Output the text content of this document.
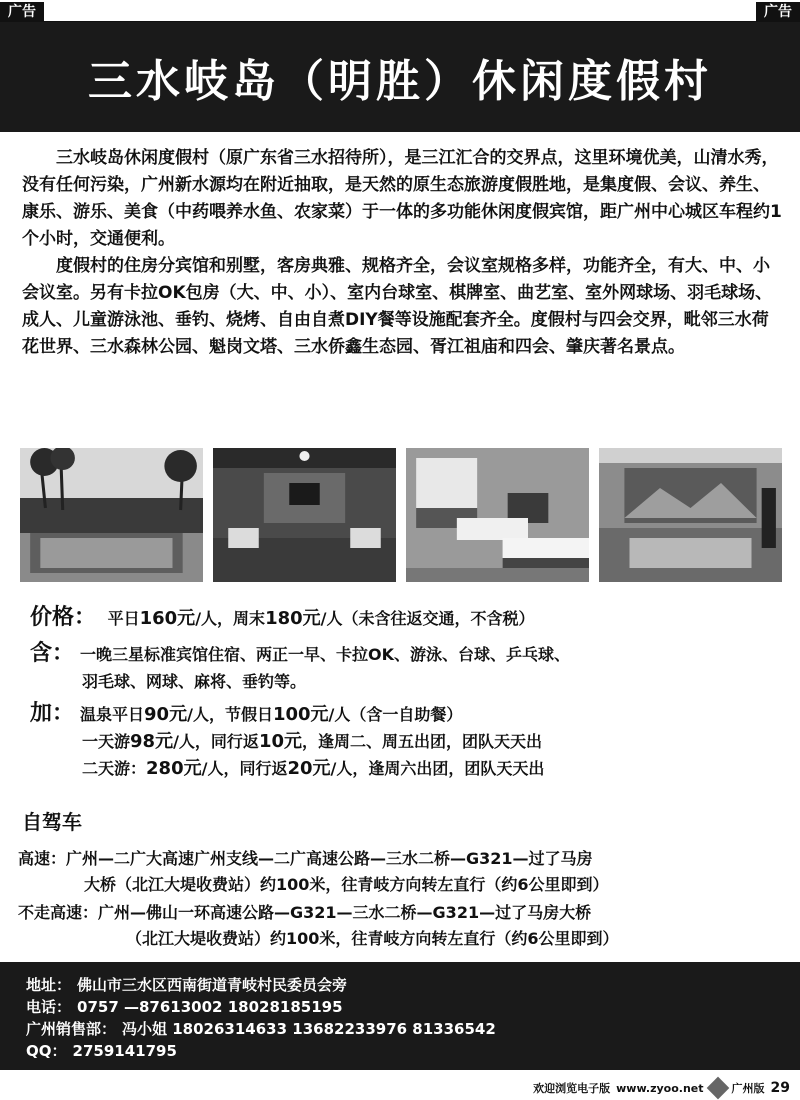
广告	广告
三水岐岛（明胜）休闲度假村

三水岐岛休闲度假村（原广东省三水招待所），是三江汇合的交界点，这里环境优美，山清水秀，没有任何污染，广州新水源均在附近抽取，是天然的原生态旅游度假胜地，是集度假、会议、养生、康乐、游乐、美食（中药喂养水鱼、农家菜）于一体的多功能休闲度假宾馆，距广州中心城区车程约1个小时，交通便利。

度假村的住房分宾馆和别墅，客房典雅、规格齐全，会议室规格多样，功能齐全，有大、中、小会议室。另有卡拉OK包房（大、中、小）、室内台球室、棋牌室、曲艺室、室外网球场、羽毛球场、成人、儿童游泳池、垂钓、烧烤、自由自煮DIY餐等设施配套齐全。度假村与四会交界，毗邻三水荷花世界、三水森林公园、魁岗文塔、三水侨鑫生态园、胥江祖庙和四会、肇庆著名景点。

价格： 平日160元/人，周末180元/人（未含往返交通，不含税）
含： 一晚三星标准宾馆住宿、两正一早、卡拉OK、游泳、台球、乒乓球、
羽毛球、网球、麻将、垂钓等。
加： 温泉平日90元/人，节假日100元/人（含一自助餐）
一天游98元/人，同行返10元，逢周二、周五出团，团队天天出
二天游：280元/人，同行返20元/人，逢周六出团，团队天天出
自驾车
高速：广州—二广大高速广州支线—二广高速公路—三水二桥—G321—过了马房
大桥（北江大堤收费站）约100米，往青岐方向转左直行（约6公里即到）
不走高速：广州—佛山一环高速公路—G321—三水二桥—G321—过了马房大桥
（北江大堤收费站）约100米，往青岐方向转左直行（约6公里即到）
地址： 佛山市三水区西南街道青岐村民委员会旁
电话： 0757 —87613002 18028185195
广州销售部： 冯小姐 18026314633 13682233976 81336542
QQ： 2759141795
欢迎浏览电子版 www.zyoo.net	广州版 29
